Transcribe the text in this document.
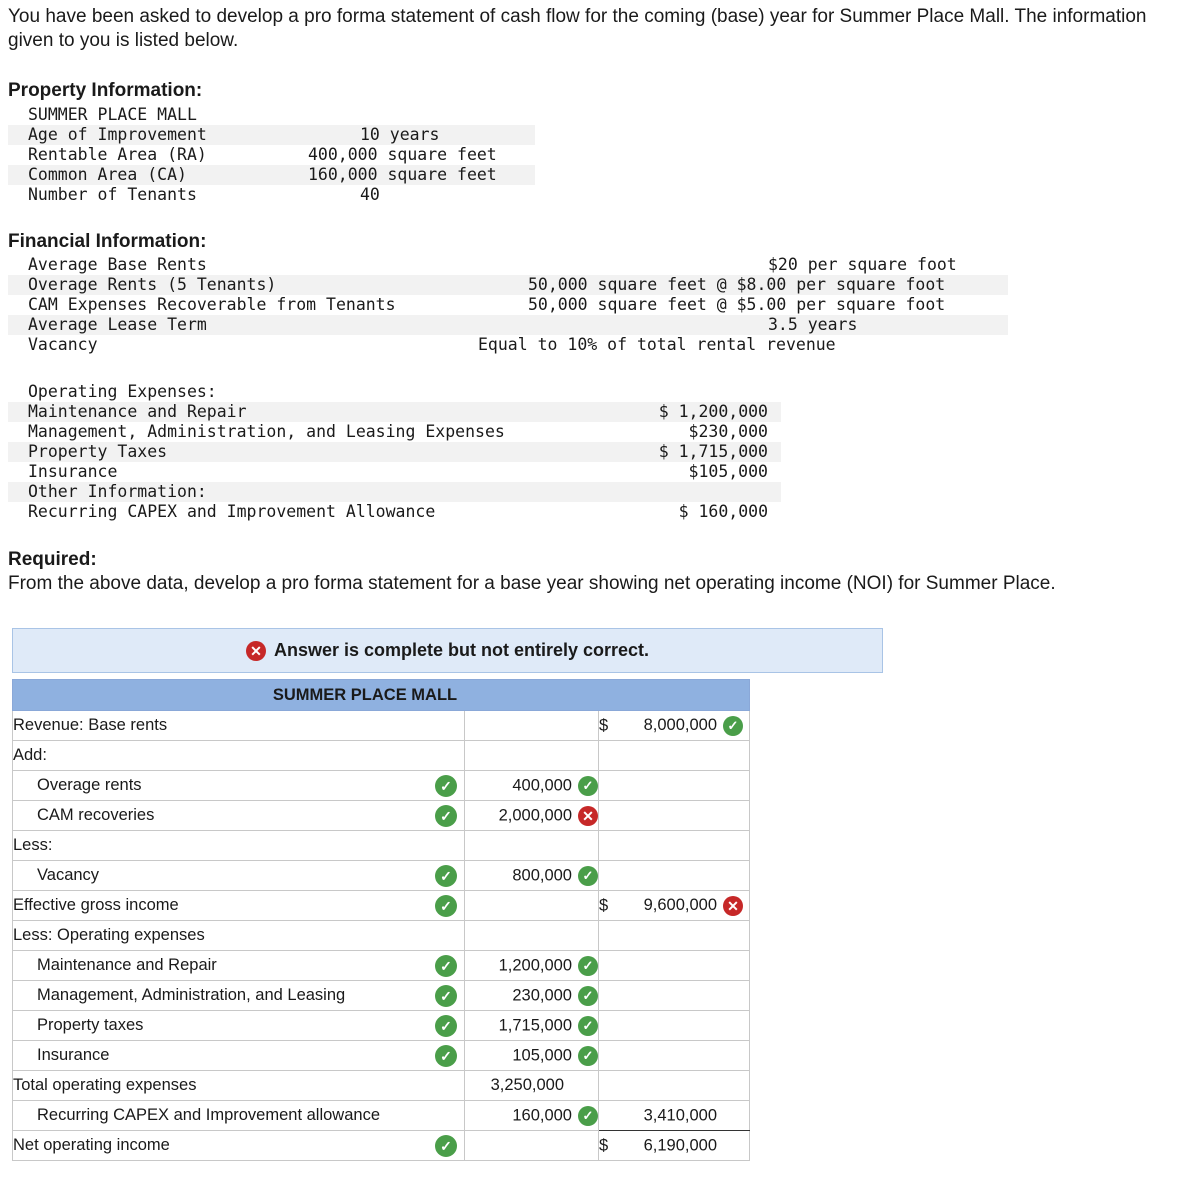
You have been asked to develop a pro forma statement of cash flow for the coming (base) year for Summer Place Mall. The information given to you is listed below.
Property Information:

SUMMER PLACE MALL

Age of Improvement

	10 years

Rentable Area (RA)

	400,000 square feet

Common Area (CA)

	160,000 square feet

Number of Tenants

	40

Financial Information:

Average Base Rents

	$20 per square foot

Overage Rents (5 Tenants)

	50,000 square feet @ $8.00 per square foot

CAM Expenses Recoverable from Tenants

	50,000 square feet @ $5.00 per square foot

Average Lease Term

	3.5 years

Vacancy

	Equal to 10% of total rental revenue

Operating Expenses:

Maintenance and Repair

	$ 1,200,000

Management, Administration, and Leasing Expenses

	$230,000

Property Taxes

	$ 1,715,000

Insurance

	$105,000

Other Information:

Recurring CAPEX and Improvement Allowance

	$ 160,000

Required:
From the above data, develop a pro forma statement for a base year showing net operating income (NOI) for Summer Place.
✕ Answer is complete but not entirely correct.
SUMMER PLACE MALL		
Revenue: Base rents		$ 8,000,000 ✓

Add:		
Overage rents ✓	400,000 ✓	
CAM recoveries ✓	2,000,000 ✕	
Less:		
Vacancy ✓	800,000 ✓	
Effective gross income ✓		$ 9,600,000 ✕

Less: Operating expenses		
Maintenance and Repair ✓	1,200,000 ✓	
Management, Administration, and Leasing ✓	230,000 ✓	
Property taxes ✓	1,715,000 ✓	
Insurance ✓	105,000 ✓	
Total operating expenses	3,250,000	
Recurring CAPEX and Improvement allowance	160,000 ✓	3,410,000

Net operating income ✓		$ 6,190,000
